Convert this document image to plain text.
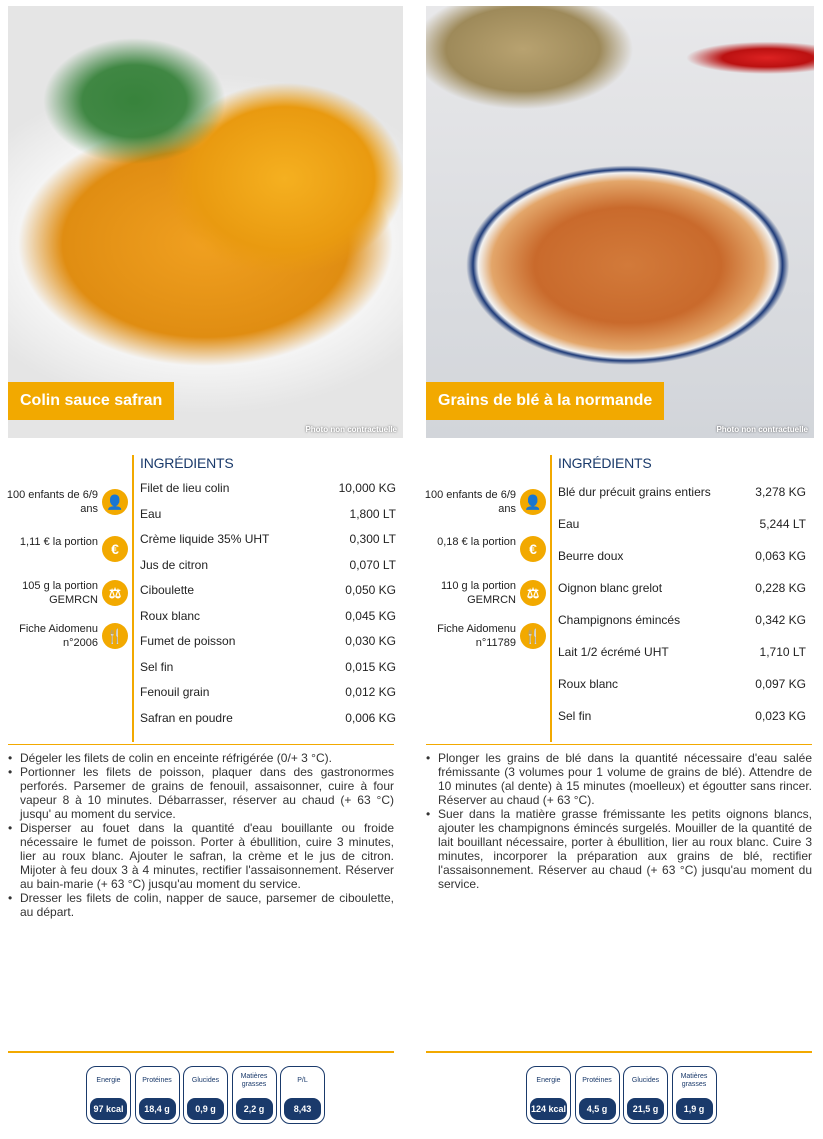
Colin sauce safran
Photo non contractuelle
INGRÉDIENTS
100 enfants de 6/9 ans 👤
1,11 € la portion €
105 g la portion GEMRCN ⚖
Fiche Aidomenu n°2006 🍴
Filet de lieu colin	10,000 KG
Eau	1,800 LT
Crème liquide 35% UHT	0,300 LT
Jus de citron	0,070 LT
Ciboulette	0,050 KG
Roux blanc	0,045 KG
Fumet de poisson	0,030 KG
Sel fin	0,015 KG
Fenouil grain	0,012 KG
Safran en poudre	0,006 KG
• Dégeler les filets de colin en enceinte réfrigérée (0/+ 3 °C).
• Portionner les filets de poisson, plaquer dans des gastronormes perforés. Parsemer de grains de fenouil, assaisonner, cuire à four vapeur 8 à 10 minutes. Débarrasser, réserver au chaud (+ 63 °C) jusqu' au moment du service.
• Disperser au fouet dans la quantité d'eau bouillante ou froide nécessaire le fumet de poisson. Porter à ébullition, cuire 3 minutes, lier au roux blanc. Ajouter le safran, la crème et le jus de citron. Mijoter à feu doux 3 à 4 minutes, rectifier l'assaisonnement. Réserver au bain-marie (+ 63 °C) jusqu'au moment du service.
• Dresser les filets de colin, napper de sauce, parsemer de ciboulette, au départ.
Energie
97 kcal
Protéines
18,4 g
Glucides
0,9 g
Matières grasses
2,2 g
P/L
8,43
Grains de blé à la normande
Photo non contractuelle
INGRÉDIENTS
100 enfants de 6/9 ans 👤
0,18 € la portion €
110 g la portion GEMRCN ⚖
Fiche Aidomenu n°11789 🍴
Blé dur précuit grains entiers	3,278 KG
Eau	5,244 LT
Beurre doux	0,063 KG
Oignon blanc grelot	0,228 KG
Champignons émincés	0,342 KG
Lait 1/2 écrémé UHT	1,710 LT
Roux blanc	0,097 KG
Sel fin	0,023 KG
• Plonger les grains de blé dans la quantité nécessaire d'eau salée frémissante (3 volumes pour 1 volume de grains de blé). Attendre de 10 minutes (al dente) à 15 minutes (moelleux) et égoutter sans rincer. Réserver au chaud (+ 63 °C).
• Suer dans la matière grasse frémissante les petits oignons blancs, ajouter les champignons émincés surgelés. Mouiller de la quantité de lait bouillant nécessaire, porter à ébullition, lier au roux blanc. Cuire 3 minutes, incorporer la préparation aux grains de blé, rectifier l'assaisonnement. Réserver au chaud (+ 63 °C) jusqu'au moment du service.
Energie
124 kcal
Protéines
4,5 g
Glucides
21,5 g
Matières grasses
1,9 g
